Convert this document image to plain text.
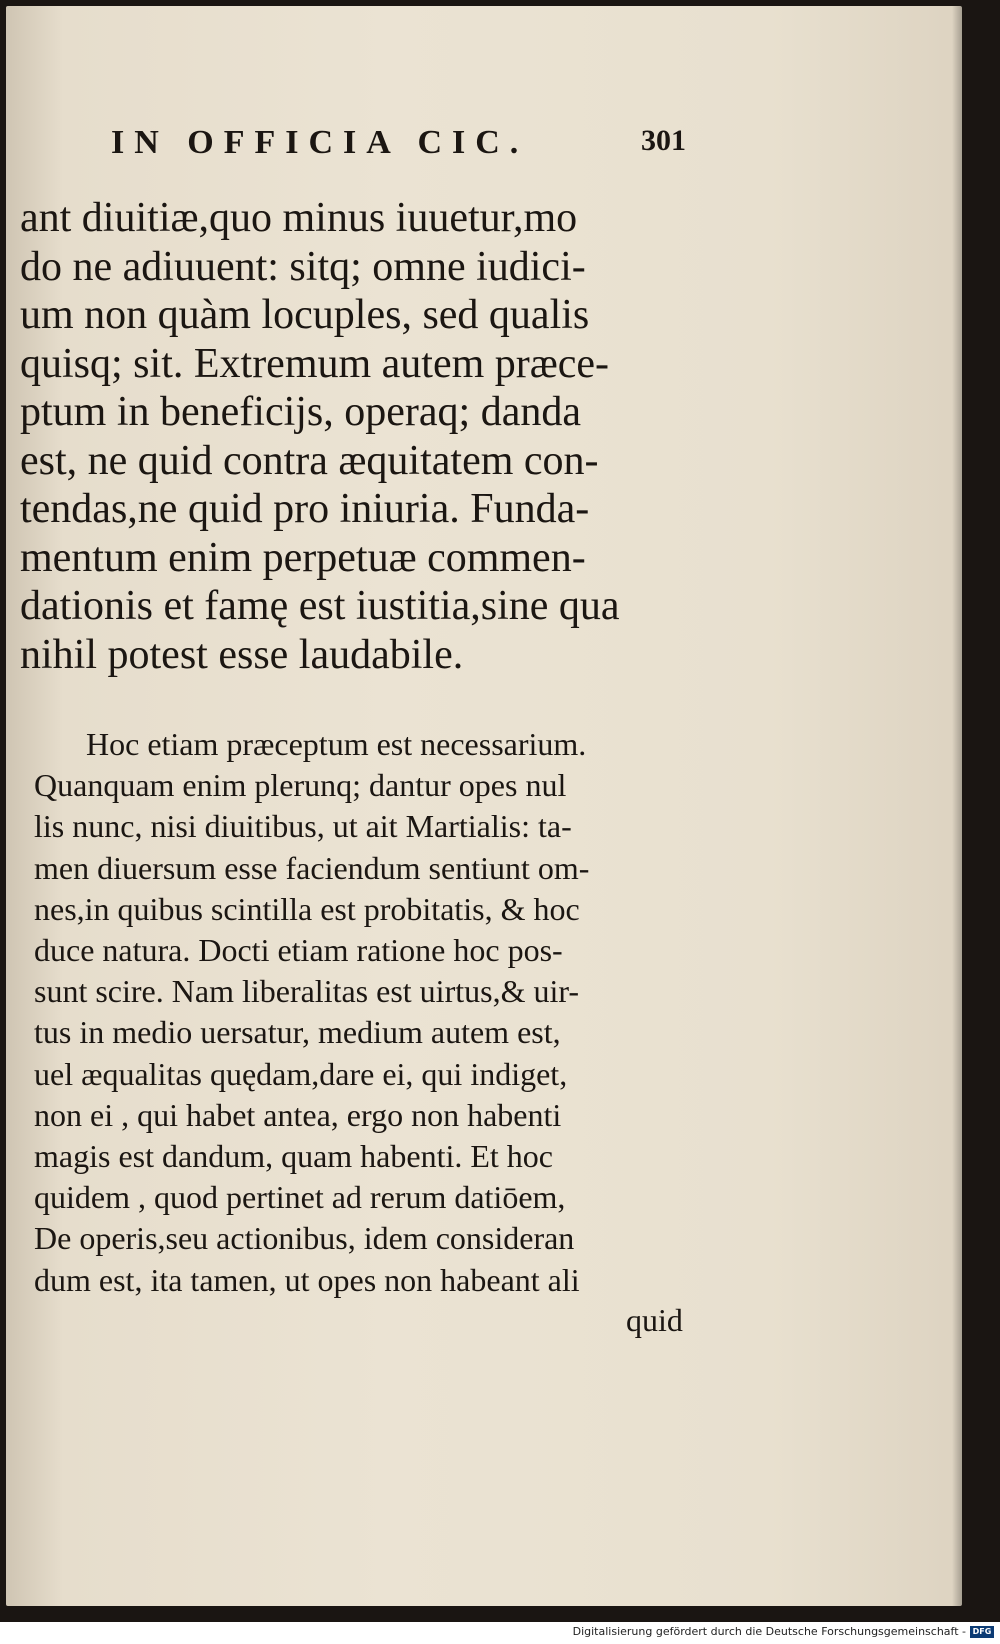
IN OFFICIA CIC.	301
ant diuitiæ,quo minus iuuetur,mo
do ne adiuuent: sitq; omne iudici-
um non quàm locuples, sed qualis
quisq; sit. Extremum autem præce-
ptum in beneficijs, operaq; danda
est, ne quid contra æquitatem con-
tendas,ne quid pro iniuria. Funda-
mentum enim perpetuæ commen-
dationis et famę est iustitia,sine qua
nihil potest esse laudabile.
Hoc etiam præceptum est necessarium.
Quanquam enim plerunq; dantur opes nul
lis nunc, nisi diuitibus, ut ait Martialis: ta-
men diuersum esse faciendum sentiunt om-
nes,in quibus scintilla est probitatis, & hoc
duce natura. Docti etiam ratione hoc pos-
sunt scire. Nam liberalitas est uirtus,& uir-
tus in medio uersatur, medium autem est,
uel æqualitas quędam,dare ei, qui indiget,
non ei , qui habet antea, ergo non habenti
magis est dandum, quam habenti. Et hoc
quidem , quod pertinet ad rerum datiōem,
De operis,seu actionibus, idem consideran
dum est, ita tamen, ut opes non habeant ali
quid
Digitalisierung gefördert durch die Deutsche Forschungsgemeinschaft - DFG
